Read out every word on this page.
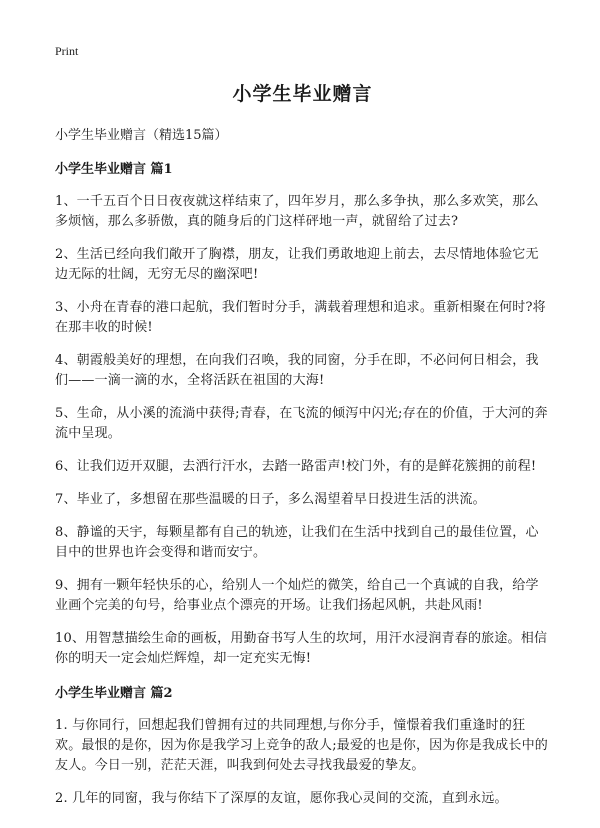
Print
小学生毕业赠言

小学生毕业赠言（精选15篇）

小学生毕业赠言 篇1

1、一千五百个日日夜夜就这样结束了，四年岁月，那么多争执，那么多欢笑，那么多烦恼，那么多骄傲，真的随身后的门这样砰地一声，就留给了过去?

2、生活已经向我们敞开了胸襟，朋友，让我们勇敢地迎上前去，去尽情地体验它无边无际的壮阔，无穷无尽的幽深吧!

3、小舟在青春的港口起航，我们暂时分手，满载着理想和追求。重新相聚在何时?将在那丰收的时候!

4、朝霞般美好的理想，在向我们召唤，我的同窗，分手在即，不必问何日相会，我们——一滴一滴的水，全将活跃在祖国的大海!

5、生命，从小溪的流淌中获得;青春，在飞流的倾泻中闪光;存在的价值，于大河的奔流中呈现。

6、让我们迈开双腿，去洒行汗水，去踏一路雷声!校门外，有的是鲜花簇拥的前程!

7、毕业了，多想留在那些温暖的日子，多么渴望着早日投进生活的洪流。

8、静谧的天宇，每颗星都有自己的轨迹，让我们在生活中找到自己的最佳位置，心目中的世界也许会变得和谐而安宁。

9、拥有一颗年轻快乐的心，给别人一个灿烂的微笑，给自己一个真诚的自我，给学业画个完美的句号，给事业点个漂亮的开场。让我们扬起风帆，共赴风雨!

10、用智慧描绘生命的画板，用勤奋书写人生的坎坷，用汗水浸润青春的旅途。相信你的明天一定会灿烂辉煌，却一定充实无悔!

小学生毕业赠言 篇2

1. 与你同行，回想起我们曾拥有过的共同理想,与你分手，憧憬着我们重逢时的狂欢。最恨的是你，因为你是我学习上竞争的敌人;最爱的也是你，因为你是我成长中的友人。今日一别，茫茫天涯，叫我到何处去寻找我最爱的挚友。

2. 几年的同窗，我与你结下了深厚的友谊，愿你我心灵间的交流，直到永远。
